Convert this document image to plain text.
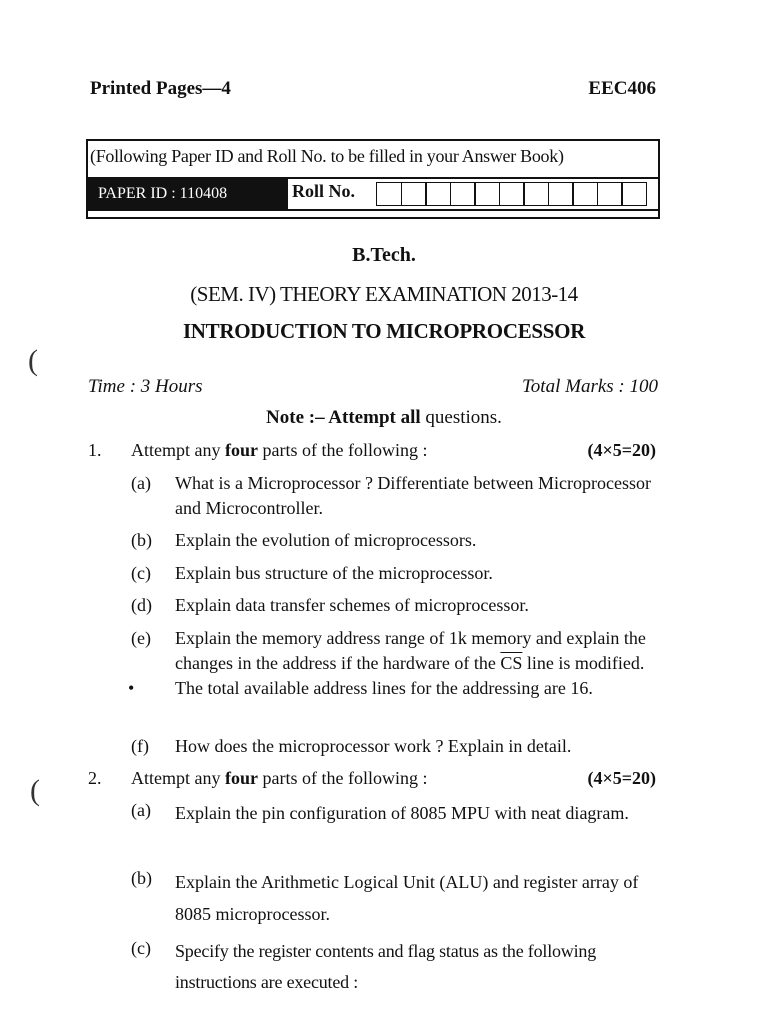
Printed Pages—4	EEC406
(Following Paper ID and Roll No. to be filled in your Answer Book)
PAPER ID : 110408	Roll No.
B.Tech.
(SEM. IV) THEORY EXAMINATION 2013-14
INTRODUCTION TO MICROPROCESSOR
(
(
Time : 3 Hours	Total Marks : 100
Note :– Attempt all questions.
1. Attempt any four parts of the following :	(4×5=20)
(a) What is a Microprocessor ? Differentiate between Microprocessor and Microcontroller.
(b) Explain the evolution of microprocessors.
(c) Explain bus structure of the microprocessor.
(d) Explain data transfer schemes of microprocessor.
(e) Explain the memory address range of 1k memory and explain the changes in the address if the hardware of the $\overline{CS}$ line is modified. The total available address lines for the addressing are 16.
•
(f) How does the microprocessor work ? Explain in detail.
2. Attempt any four parts of the following :	(4×5=20)
(a) Explain the pin configuration of 8085 MPU with neat diagram.
(b) Explain the Arithmetic Logical Unit (ALU) and register array of 8085 microprocessor.
(c) Specify the register contents and flag status as the following instructions are executed :
